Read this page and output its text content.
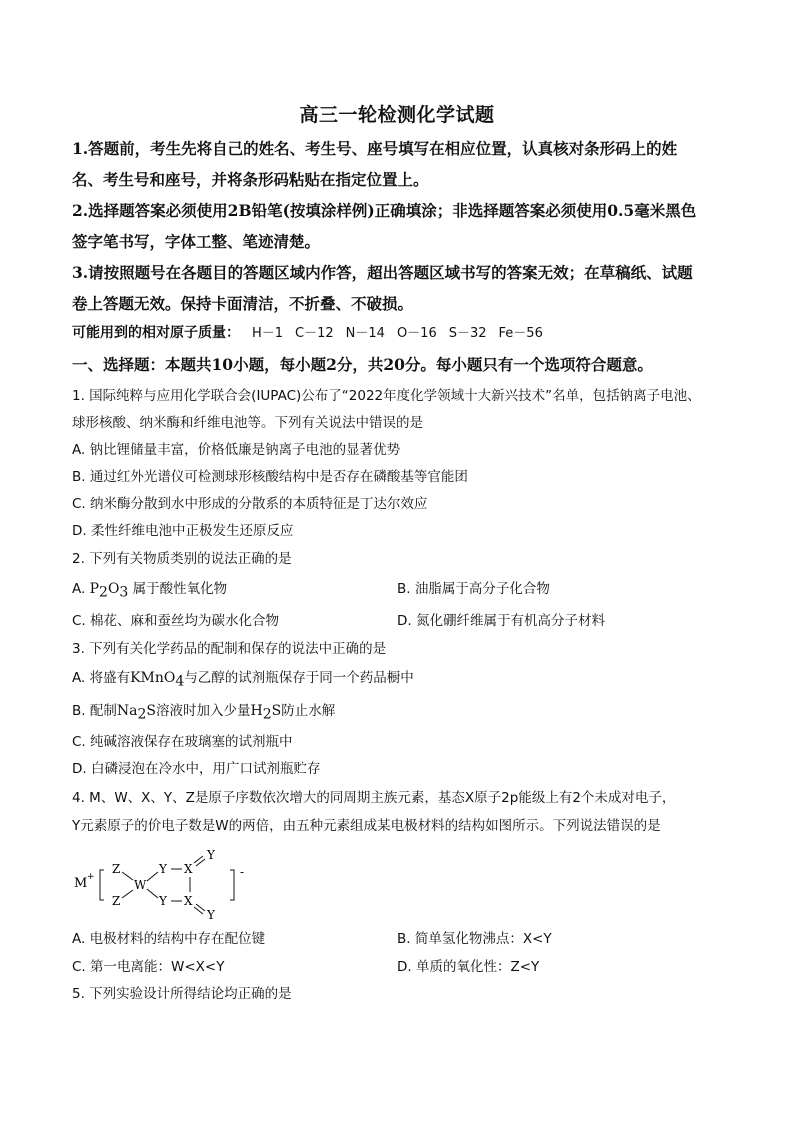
高三一轮检测化学试题
1.答题前，考生先将自己的姓名、考生号、座号填写在相应位置，认真核对条形码上的姓
名、考生号和座号，并将条形码粘贴在指定位置上。
2.选择题答案必须使用2B铅笔(按填涂样例)正确填涂；非选择题答案必须使用0.5毫米黑色
签字笔书写，字体工整、笔迹清楚。
3.请按照题号在各题目的答题区域内作答，超出答题区域书写的答案无效；在草稿纸、试题
卷上答题无效。保持卡面清洁，不折叠、不破损。
可能用到的相对原子质量： H－1 C－12 N－14 O－16 S－32 Fe－56
一、选择题：本题共10小题，每小题2分，共20分。每小题只有一个选项符合题意。
1. 国际纯粹与应用化学联合会(IUPAC)公布了“2022年度化学领域十大新兴技术”名单，包括钠离子电池、
球形核酸、纳米酶和纤维电池等。下列有关说法中错误的是
A. 钠比锂储量丰富，价格低廉是钠离子电池的显著优势
B. 通过红外光谱仪可检测球形核酸结构中是否存在磷酸基等官能团
C. 纳米酶分散到水中形成的分散系的本质特征是丁达尔效应
D. 柔性纤维电池中正极发生还原反应
2. 下列有关物质类别的说法正确的是
A. $P_2O_3$ 属于酸性氧化物	B. 油脂属于高分子化合物
C. 棉花、麻和蚕丝均为碳水化合物	D. 氮化硼纤维属于有机高分子材料
3. 下列有关化学药品的配制和保存的说法中正确的是
A. 将盛有KMnO$_4$与乙醇的试剂瓶保存于同一个药品橱中
B. 配制$Na_2S$溶液时加入少量$H_2S$防止水解
C. 纯碱溶液保存在玻璃塞的试剂瓶中
D. 白磷浸泡在冷水中，用广口试剂瓶贮存
4. M、W、X、Y、Z是原子序数依次增大的同周期主族元素，基态X原子2p能级上有2个未成对电子，
Y元素原子的价电子数是W的两倍，由五种元素组成某电极材料的结构如图所示。下列说法错误的是
M +
Z
Z
W
Y
Y
X
X
Y
Y
-
A. 电极材料的结构中存在配位键	B. 简单氢化物沸点：X<Y
C. 第一电离能：W<X<Y	D. 单质的氧化性：Z<Y
5. 下列实验设计所得结论均正确的是
